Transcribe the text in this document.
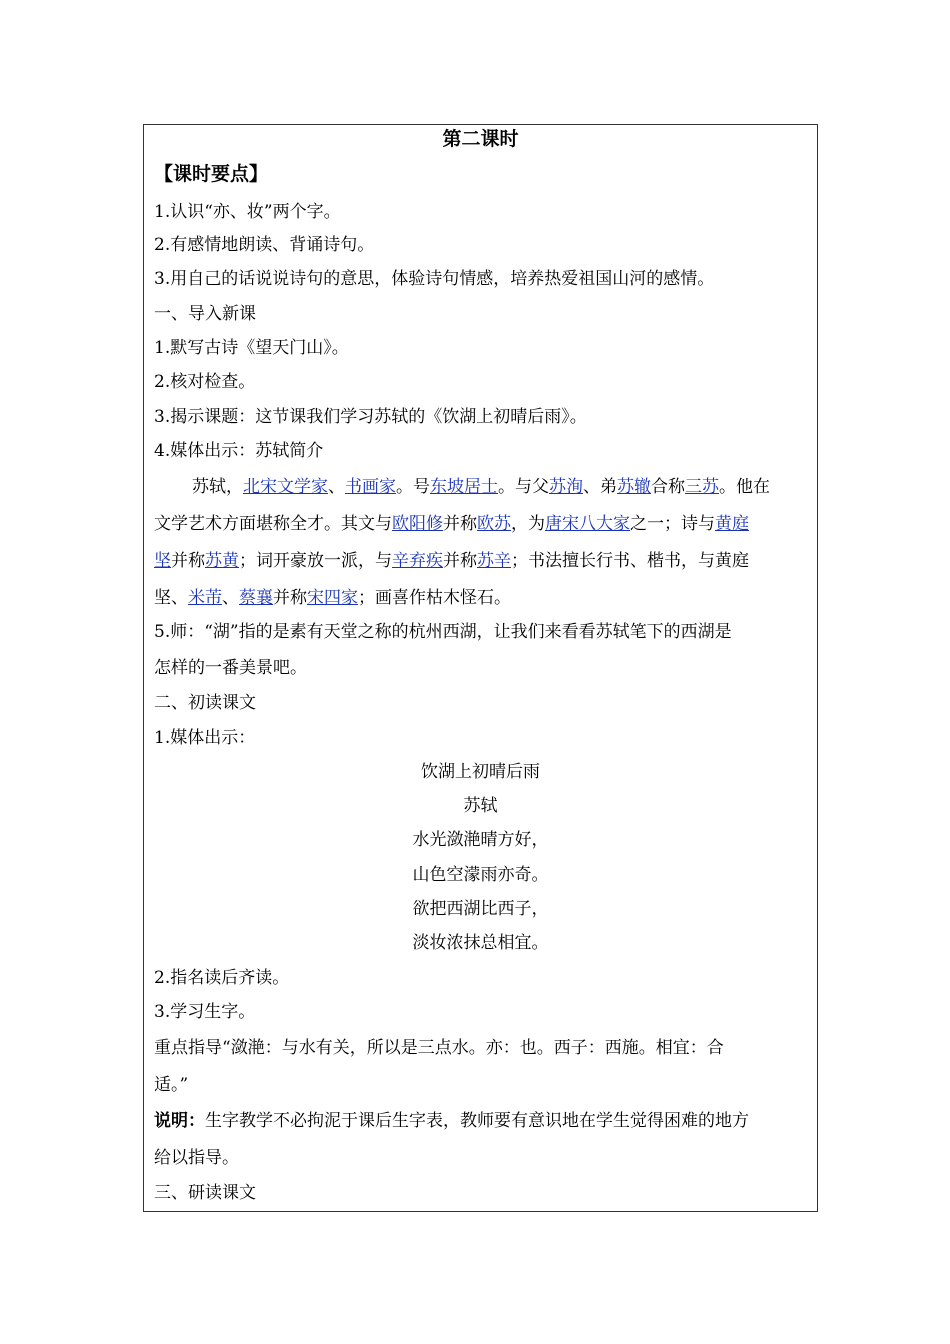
第二课时
【课时要点】
1.认识“亦、妆”两个字。
2.有感情地朗读、背诵诗句。
3.用自己的话说说诗句的意思，体验诗句情感，培养热爱祖国山河的感情。
一、导入新课
1.默写古诗《望天门山》。
2.核对检查。
3.揭示课题：这节课我们学习苏轼的《饮湖上初晴后雨》。
4.媒体出示：苏轼简介
苏轼，北宋文学家、书画家。号东坡居士。与父苏洵、弟苏辙合称三苏。他在
文学艺术方面堪称全才。其文与欧阳修并称欧苏，为唐宋八大家之一；诗与黄庭
坚并称苏黄；词开豪放一派，与辛弃疾并称苏辛；书法擅长行书、楷书，与黄庭
坚、米芾、蔡襄并称宋四家；画喜作枯木怪石。
5.师：“湖”指的是素有天堂之称的杭州西湖，让我们来看看苏轼笔下的西湖是
怎样的一番美景吧。
二、初读课文
1.媒体出示：
饮湖上初晴后雨
苏轼
水光潋滟晴方好，
山色空濛雨亦奇。
欲把西湖比西子，
淡妆浓抹总相宜。
2.指名读后齐读。
3.学习生字。
重点指导“潋滟：与水有关，所以是三点水。亦：也。西子：西施。相宜：合
适。”
说明：生字教学不必拘泥于课后生字表，教师要有意识地在学生觉得困难的地方
给以指导。
三、研读课文
